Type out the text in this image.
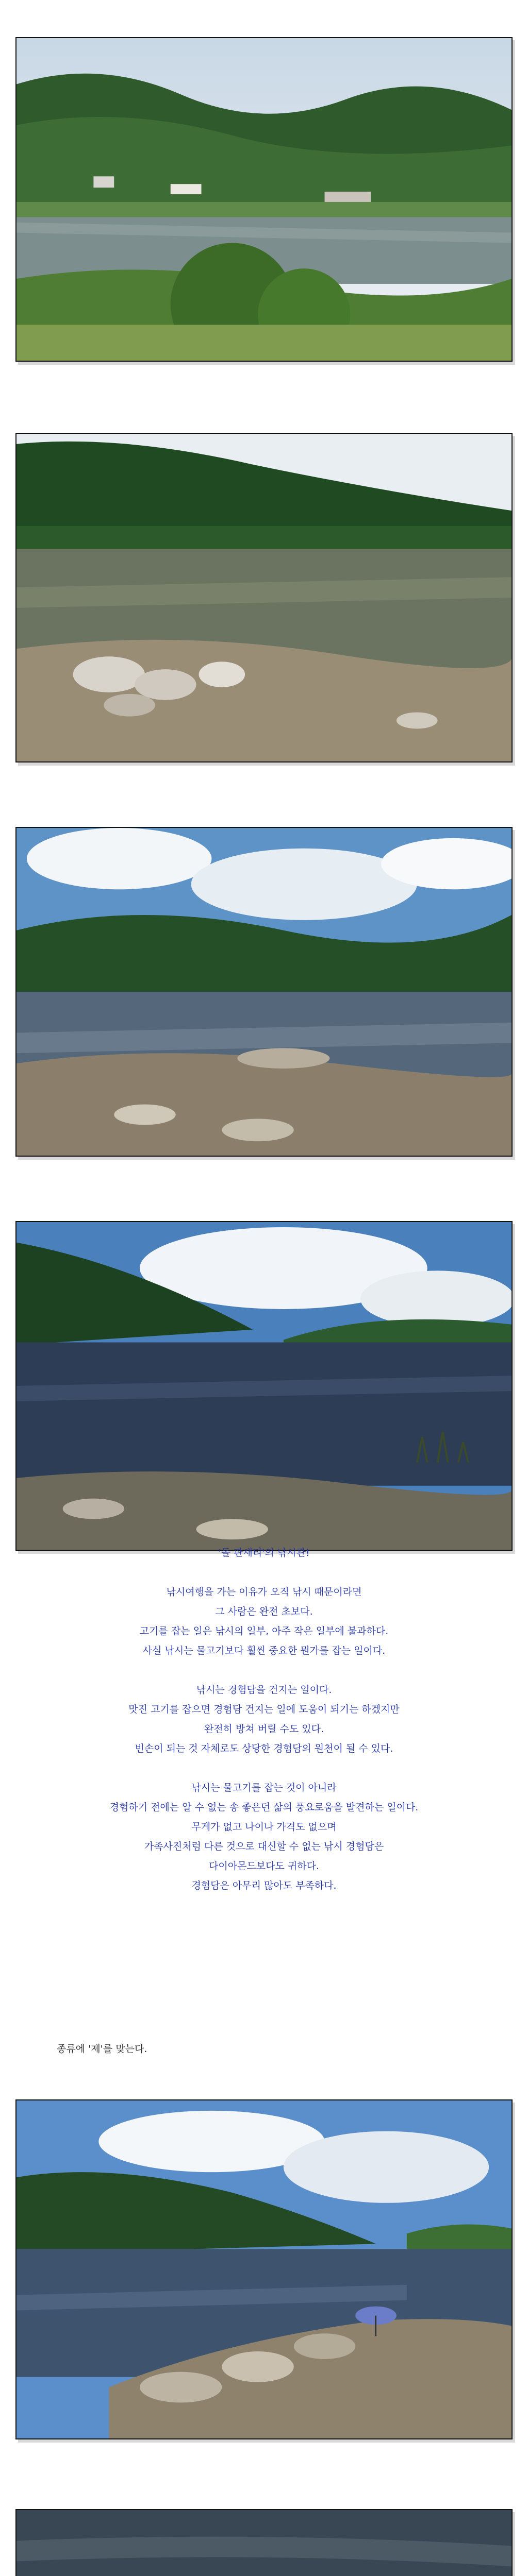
'돌 판새티'의 낚시관!

낚시여행을 가는 이유가 오직 낚시 때문이라면

그 사람은 완전 초보다.

고기를 잡는 일은 낚시의 일부, 아주 작은 일부에 불과하다.

사실 낚시는 물고기보다 훨씬 중요한 뭔가를 잡는 일이다.

낚시는 경험담을 건지는 일이다.

맛진 고기를 잡으면 경험담 건지는 일에 도움이 되기는 하겠지만

완전히 방쳐 버릴 수도 있다.

빈손이 되는 것 자체로도 상당한 경험담의 원천이 될 수 있다.

낚시는 물고기를 잡는 것이 아니라

경험하기 전에는 알 수 없는 송 좋은던 삶의 풍요로움을 발견하는 일이다.

무게가 없고 나이나 가격도 없으며

가족사진처럼 다른 것으로 대신할 수 없는 낚시 경험담은

다이아몬드보다도 귀하다.

경험담은 아무리 많아도 부족하다.

종류에 '제'를 맞는다.
